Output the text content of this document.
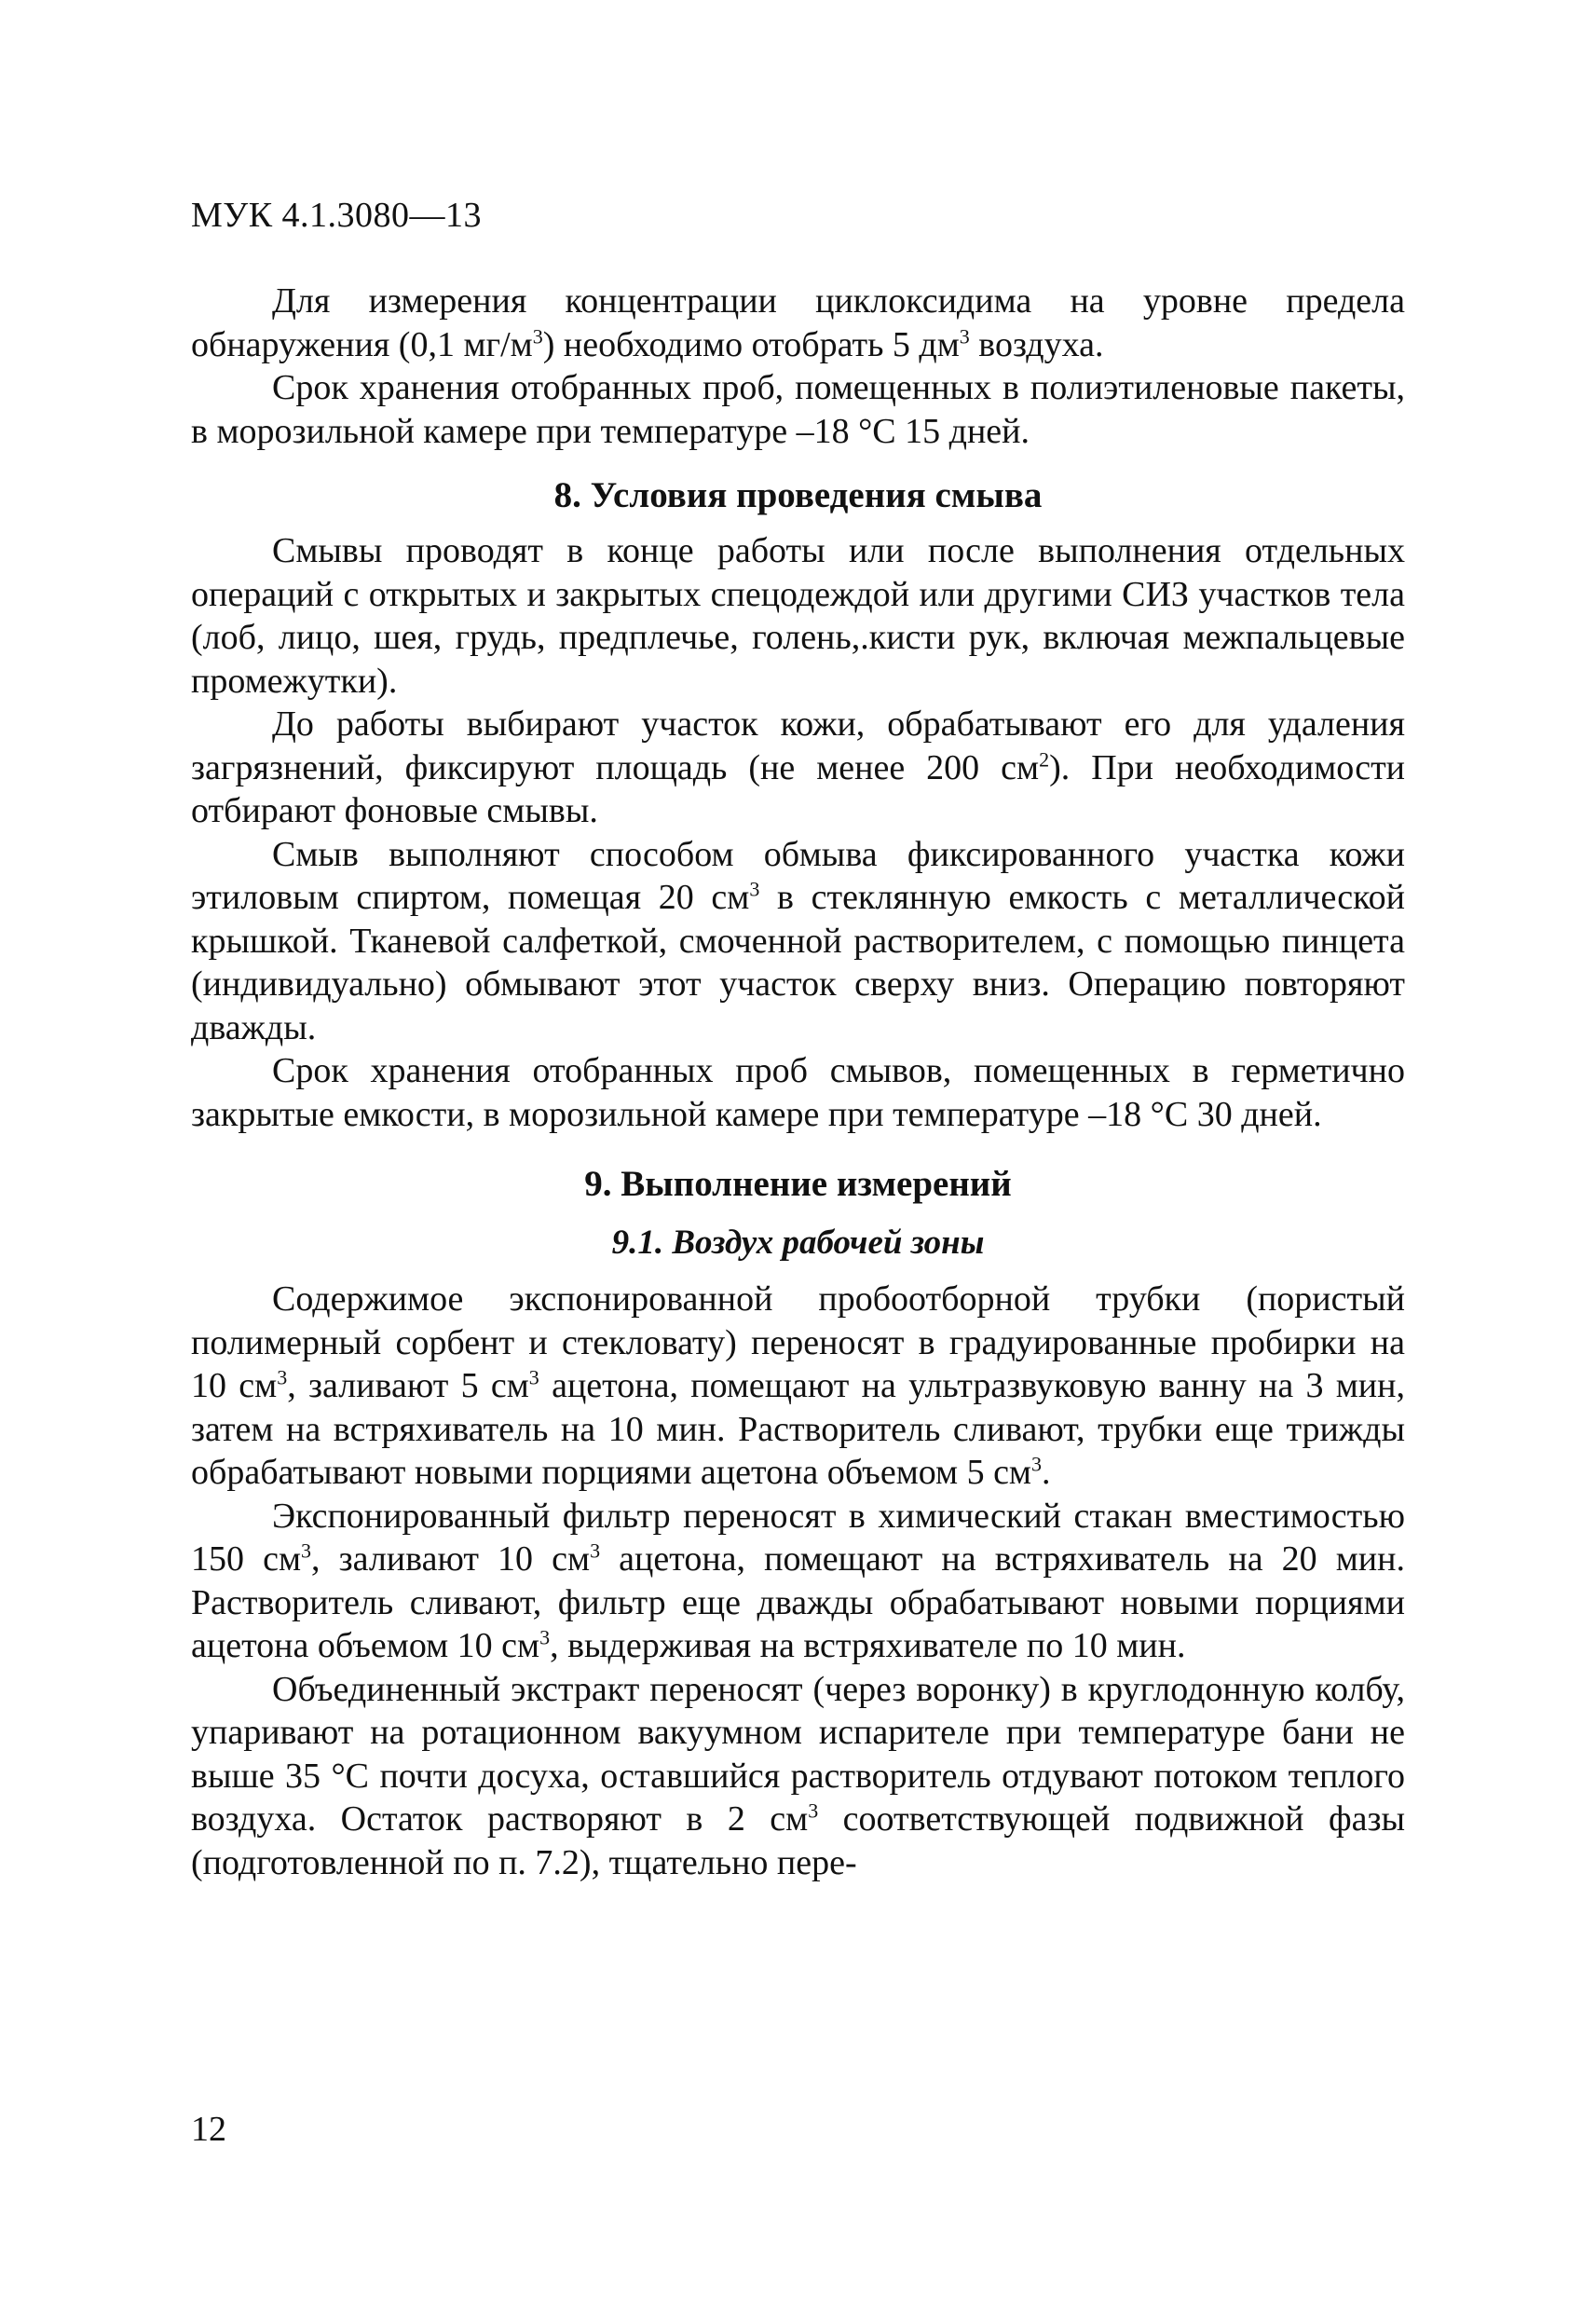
МУК 4.1.3080—13

Для измерения концентрации циклоксидима на уровне предела обнаружения (0,1 $мг/м^3$) необходимо отобрать 5 $дм^3$ воздуха.

Срок хранения отобранных проб, помещенных в полиэтиленовые пакеты, в морозильной камере при температуре –18 °С 15 дней.

8. Условия проведения смыва

Смывы проводят в конце работы или после выполнения отдельных операций с открытых и закрытых спецодеждой или другими СИЗ участков тела (лоб, лицо, шея, грудь, предплечье, голень,.кисти рук, включая межпальцевые промежутки).

До работы выбирают участок кожи, обрабатывают его для удаления загрязнений, фиксируют площадь (не менее 200 $см^2$). При необходимости отбирают фоновые смывы.

Смыв выполняют способом обмыва фиксированного участка кожи этиловым спиртом, помещая 20 $см^3$ в стеклянную емкость с металлической крышкой. Тканевой салфеткой, смоченной растворителем, с помощью пинцета (индивидуально) обмывают этот участок сверху вниз. Операцию повторяют дважды.

Срок хранения отобранных проб смывов, помещенных в герметично закрытые емкости, в морозильной камере при температуре –18 °С 30 дней.

9. Выполнение измерений
9.1. Воздух рабочей зоны

Содержимое экспонированной пробоотборной трубки (пористый полимерный сорбент и стекловату) переносят в градуированные пробирки на 10 $см^3$, заливают 5 $см^3$ ацетона, помещают на ультразвуковую ванну на 3 мин, затем на встряхиватель на 10 мин. Растворитель сливают, трубки еще трижды обрабатывают новыми порциями ацетона объемом 5 $см^3$.

Экспонированный фильтр переносят в химический стакан вместимостью 150 $см^3$, заливают 10 $см^3$ ацетона, помещают на встряхиватель на 20 мин. Растворитель сливают, фильтр еще дважды обрабатывают новыми порциями ацетона объемом 10 $см^3$, выдерживая на встряхивателе по 10 мин.

Объединенный экстракт переносят (через воронку) в круглодонную колбу, упаривают на ротационном вакуумном испарителе при температуре бани не выше 35 °С почти досуха, оставшийся растворитель отдувают потоком теплого воздуха. Остаток растворяют в 2 $см^3$ соответствующей подвижной фазы (подготовленной по п. 7.2), тщательно пере-

12
